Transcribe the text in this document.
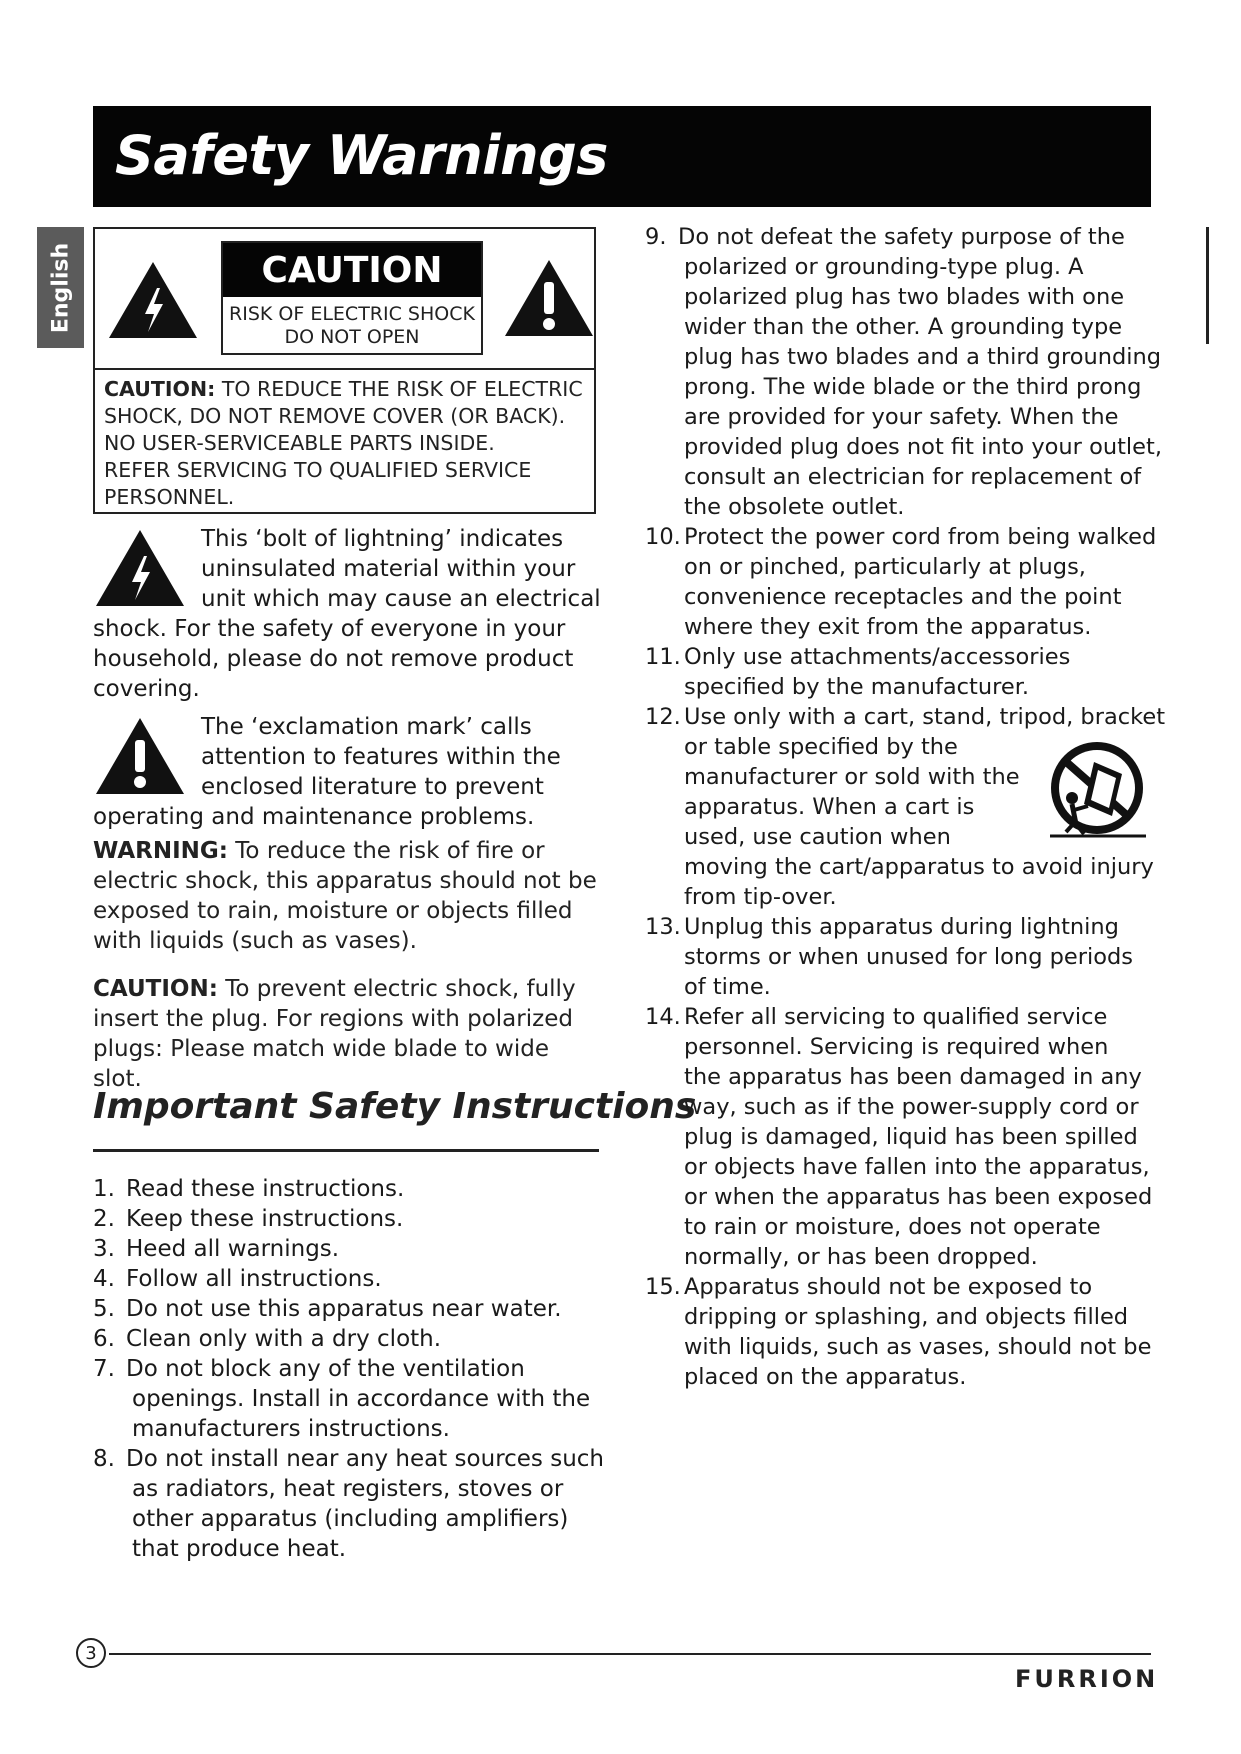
Safety Warnings
English	CAUTION
RISK OF ELECTRIC SHOCK
DO NOT OPEN
CAUTION: TO REDUCE THE RISK OF ELECTRIC
SHOCK, DO NOT REMOVE COVER (OR BACK).
NO USER-SERVICEABLE PARTS INSIDE.
REFER SERVICING TO QUALIFIED SERVICE
PERSONNEL.

This ‘bolt of lightning’ indicates

uninsulated material within your

unit which may cause an electrical

shock. For the safety of everyone in your

household, please do not remove product

covering.

The ‘exclamation mark’ calls

attention to features within the

enclosed literature to prevent

operating and maintenance problems.

WARNING: To reduce the risk of fire or
electric shock, this apparatus should not be
exposed to rain, moisture or objects filled
with liquids (such as vases).
CAUTION: To prevent electric shock, fully
insert the plug. For regions with polarized
plugs: Please match wide blade to wide slot.
Important Safety Instructions
1. Read these instructions.
2. Keep these instructions.
3. Heed all warnings.
4. Follow all instructions.
5. Do not use this apparatus near water.
6. Clean only with a dry cloth.
7. Do not block any of the ventilation
openings. Install in accordance with the
manufacturers instructions.
8. Do not install near any heat sources such
as radiators, heat registers, stoves or
other apparatus (including amplifiers)
that produce heat.
9. Do not defeat the safety purpose of the
polarized or grounding-type plug. A
polarized plug has two blades with one
wider than the other. A grounding type
plug has two blades and a third grounding
prong. The wide blade or the third prong
are provided for your safety. When the
provided plug does not fit into your outlet,
consult an electrician for replacement of
the obsolete outlet.
10. Protect the power cord from being walked
on or pinched, particularly at plugs,
convenience receptacles and the point
where they exit from the apparatus.
11. Only use attachments/accessories
specified by the manufacturer.
12. Use only with a cart, stand, tripod, bracket
or table specified by the
manufacturer or sold with the
apparatus. When a cart is
used, use caution when
moving the cart/apparatus to avoid injury
from tip-over.
13. Unplug this apparatus during lightning
storms or when unused for long periods
of time.
14. Refer all servicing to qualified service
personnel. Servicing is required when
the apparatus has been damaged in any
way, such as if the power-supply cord or
plug is damaged, liquid has been spilled
or objects have fallen into the apparatus,
or when the apparatus has been exposed
to rain or moisture, does not operate
normally, or has been dropped.
15. Apparatus should not be exposed to
dripping or splashing, and objects filled
with liquids, such as vases, should not be
placed on the apparatus.
3
FURRION
